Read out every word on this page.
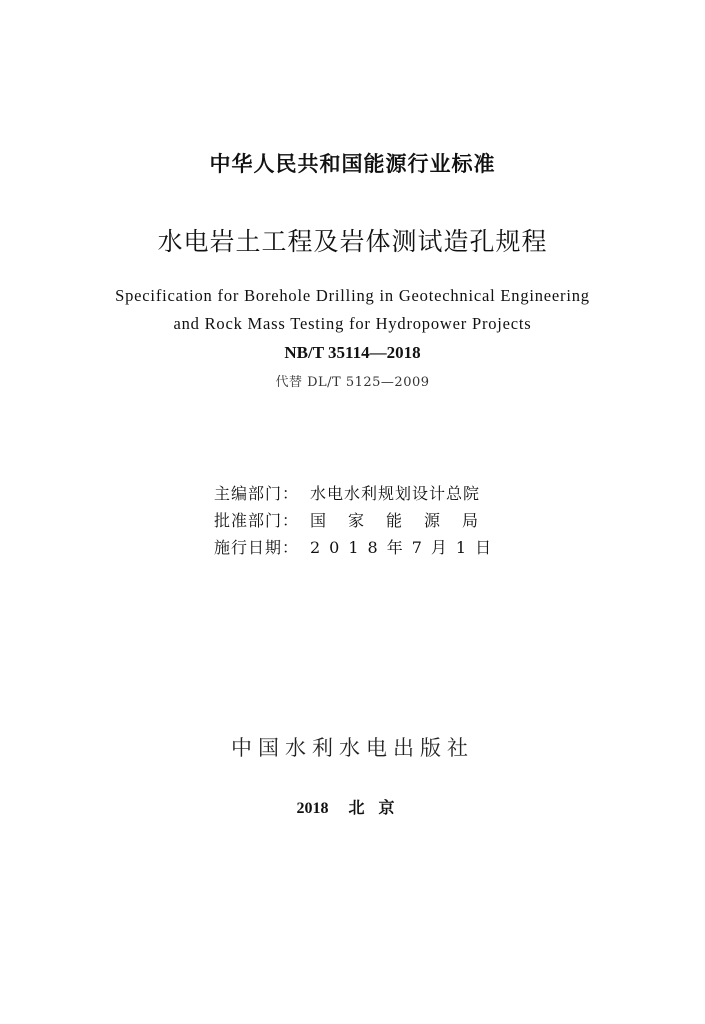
中华人民共和国能源行业标准
水电岩土工程及岩体测试造孔规程
Specification for Borehole Drilling in Geotechnical Engineering
and Rock Mass Testing for Hydropower Projects
NB/T 35114—2018
代替 DL/T 5125—2009
主编部门： 水电水利规划设计总院
批准部门： 国家能源局
施行日期： 2018年7月1日
中国水利水电出版社
2018 北京
